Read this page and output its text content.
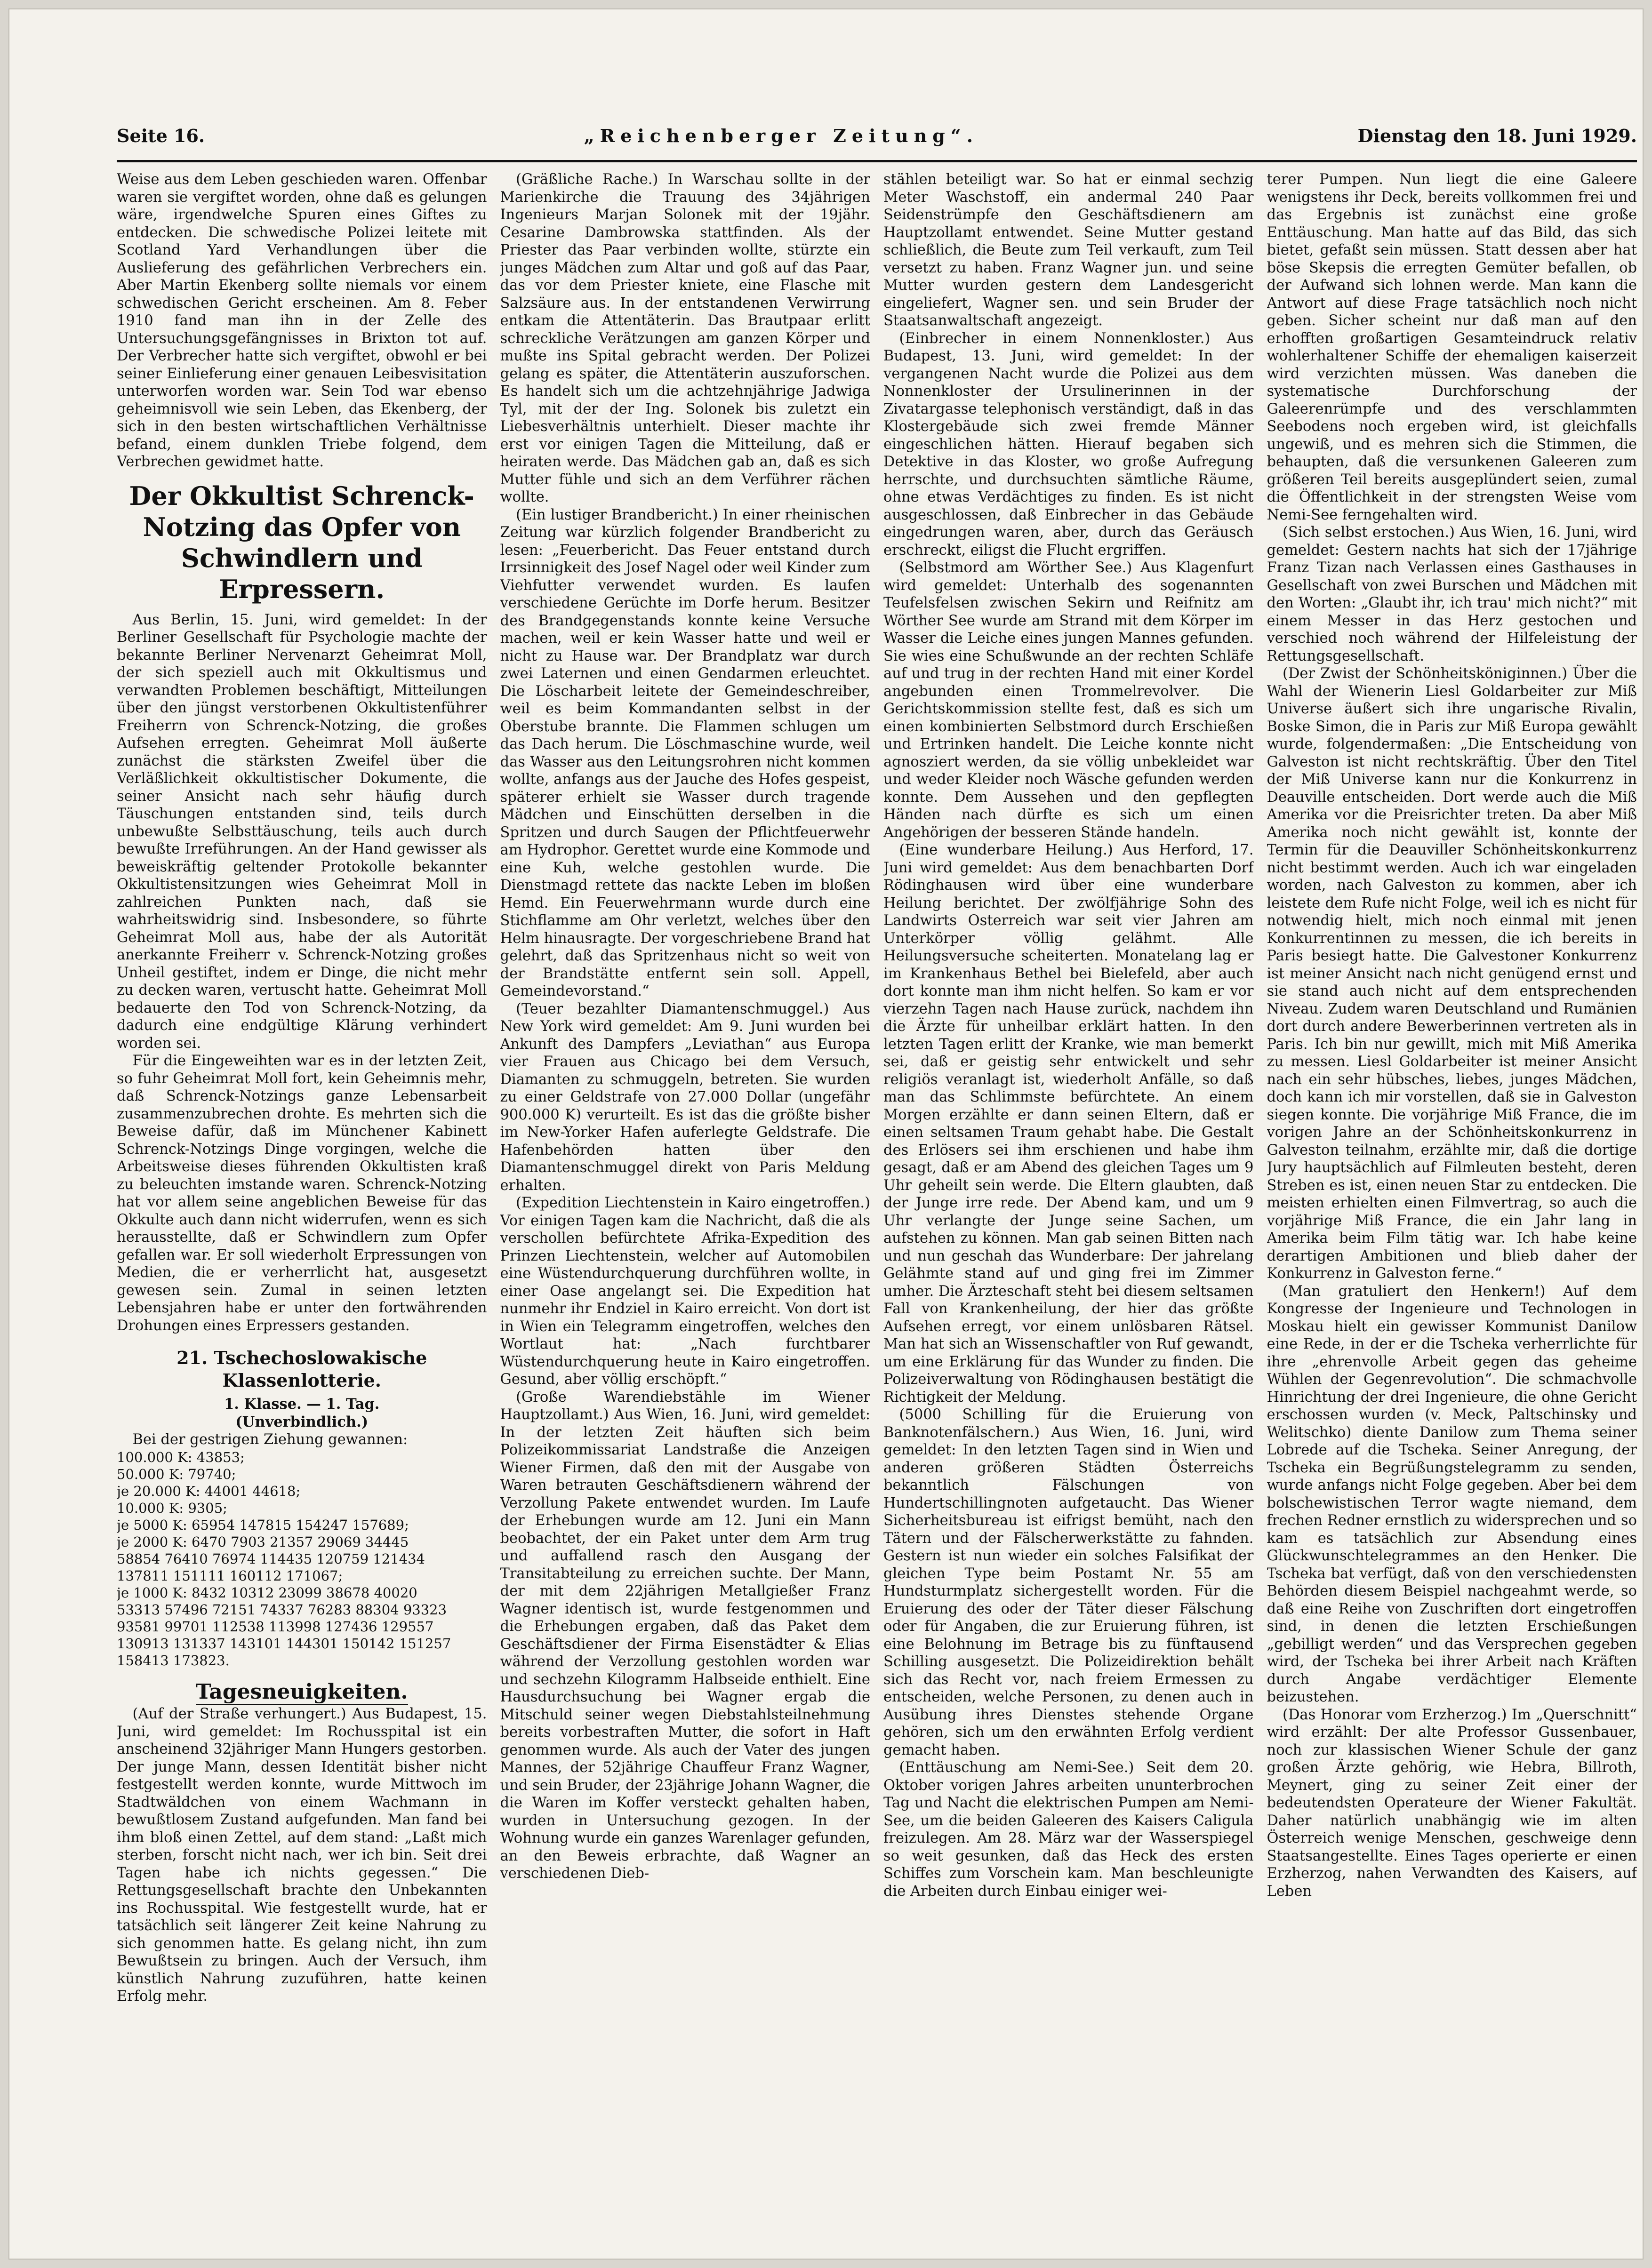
Seite 16.	„Reichenberger Zeitung“.	Dienstag den 18. Juni 1929.

Weise aus dem Leben geschieden waren. Offenbar waren sie vergiftet worden, ohne daß es gelungen wäre, irgendwelche Spuren eines Giftes zu entdecken. Die schwedische Polizei leitete mit Scotland Yard Verhandlungen über die Auslieferung des gefährlichen Verbrechers ein. Aber Martin Ekenberg sollte niemals vor einem schwedischen Gericht erscheinen. Am 8. Feber 1910 fand man ihn in der Zelle des Untersuchungsgefängnisses in Brixton tot auf. Der Verbrecher hatte sich vergiftet, obwohl er bei seiner Einlieferung einer genauen Leibesvisitation unterworfen worden war. Sein Tod war ebenso geheimnisvoll wie sein Leben, das Ekenberg, der sich in den besten wirtschaftlichen Verhältnisse befand, einem dunklen Triebe folgend, dem Verbrechen gewidmet hatte.

Der Okkultist Schrenck-Notzing das Opfer von Schwindlern und Erpressern.

Aus Berlin, 15. Juni, wird gemeldet: In der Berliner Gesellschaft für Psychologie machte der bekannte Berliner Nervenarzt Geheimrat Moll, der sich speziell auch mit Okkultismus und verwandten Problemen beschäftigt, Mitteilungen über den jüngst verstorbenen Okkultistenführer Freiherrn von Schrenck-Notzing, die großes Aufsehen erregten. Geheimrat Moll äußerte zunächst die stärksten Zweifel über die Verläßlichkeit okkultistischer Dokumente, die seiner Ansicht nach sehr häufig durch Täuschungen entstanden sind, teils durch unbewußte Selbsttäuschung, teils auch durch bewußte Irreführungen. An der Hand gewisser als beweiskräftig geltender Protokolle bekannter Okkultistensitzungen wies Geheimrat Moll in zahlreichen Punkten nach, daß sie wahrheitswidrig sind. Insbesondere, so führte Geheimrat Moll aus, habe der als Autorität anerkannte Freiherr v. Schrenck-Notzing großes Unheil gestiftet, indem er Dinge, die nicht mehr zu decken waren, vertuscht hatte. Geheimrat Moll bedauerte den Tod von Schrenck-Notzing, da dadurch eine endgültige Klärung verhindert worden sei.

Für die Eingeweihten war es in der letzten Zeit, so fuhr Geheimrat Moll fort, kein Geheimnis mehr, daß Schrenck-Notzings ganze Lebensarbeit zusammenzubrechen drohte. Es mehrten sich die Beweise dafür, daß im Münchener Kabinett Schrenck-Notzings Dinge vorgingen, welche die Arbeitsweise dieses führenden Okkultisten kraß zu beleuchten imstande waren. Schrenck-Notzing hat vor allem seine angeblichen Beweise für das Okkulte auch dann nicht widerrufen, wenn es sich herausstellte, daß er Schwindlern zum Opfer gefallen war. Er soll wiederholt Erpressungen von Medien, die er verherrlicht hat, ausgesetzt gewesen sein. Zumal in seinen letzten Lebensjahren habe er unter den fortwährenden Drohungen eines Erpressers gestanden.

21. Tschechoslowakische Klassenlotterie.
1. Klasse. — 1. Tag.
(Unverbindlich.)

Bei der gestrigen Ziehung gewannen:

100.000 K: 43853;
50.000 K: 79740;
je 20.000 K: 44001 44618;
10.000 K: 9305;
je 5000 K: 65954 147815 154247 157689;
je 2000 K: 6470 7903 21357 29069 34445
58854 76410 76974 114435 120759 121434
137811 151111 160112 171067;
je 1000 K: 8432 10312 23099 38678 40020
53313 57496 72151 74337 76283 88304 93323
93581 99701 112538 113998 127436 129557
130913 131337 143101 144301 150142 151257
158413 173823.

Tagesneuigkeiten.

(Auf der Straße verhungert.) Aus Budapest, 15. Juni, wird gemeldet: Im Rochusspital ist ein anscheinend 32jähriger Mann Hungers gestorben. Der junge Mann, dessen Identität bisher nicht festgestellt werden konnte, wurde Mittwoch im Stadtwäldchen von einem Wachmann in bewußtlosem Zustand aufgefunden. Man fand bei ihm bloß einen Zettel, auf dem stand: „Laßt mich sterben, forscht nicht nach, wer ich bin. Seit drei Tagen habe ich nichts gegessen.“ Die Rettungsgesellschaft brachte den Unbekannten ins Rochusspital. Wie festgestellt wurde, hat er tatsächlich seit längerer Zeit keine Nahrung zu sich genommen hatte. Es gelang nicht, ihn zum Bewußtsein zu bringen. Auch der Versuch, ihm künstlich Nahrung zuzuführen, hatte keinen Erfolg mehr.

(Gräßliche Rache.) In Warschau sollte in der Marienkirche die Trauung des 34jährigen Ingenieurs Marjan Solonek mit der 19jähr. Cesarine Dambrowska stattfinden. Als der Priester das Paar verbinden wollte, stürzte ein junges Mädchen zum Altar und goß auf das Paar, das vor dem Priester kniete, eine Flasche mit Salzsäure aus. In der entstandenen Verwirrung entkam die Attentäterin. Das Brautpaar erlitt schreckliche Verätzungen am ganzen Körper und mußte ins Spital gebracht werden. Der Polizei gelang es später, die Attentäterin auszuforschen. Es handelt sich um die achtzehnjährige Jadwiga Tyl, mit der der Ing. Solonek bis zuletzt ein Liebesverhältnis unterhielt. Dieser machte ihr erst vor einigen Tagen die Mitteilung, daß er heiraten werde. Das Mädchen gab an, daß es sich Mutter fühle und sich an dem Verführer rächen wollte.

(Ein lustiger Brandbericht.) In einer rheinischen Zeitung war kürzlich folgender Brandbericht zu lesen: „Feuerbericht. Das Feuer entstand durch Irrsinnigkeit des Josef Nagel oder weil Kinder zum Viehfutter verwendet wurden. Es laufen verschiedene Gerüchte im Dorfe herum. Besitzer des Brandgegenstands konnte keine Versuche machen, weil er kein Wasser hatte und weil er nicht zu Hause war. Der Brandplatz war durch zwei Laternen und einen Gendarmen erleuchtet. Die Löscharbeit leitete der Gemeindeschreiber, weil es beim Kommandanten selbst in der Oberstube brannte. Die Flammen schlugen um das Dach herum. Die Löschmaschine wurde, weil das Wasser aus den Leitungsrohren nicht kommen wollte, anfangs aus der Jauche des Hofes gespeist, späterer erhielt sie Wasser durch tragende Mädchen und Einschütten derselben in die Spritzen und durch Saugen der Pflichtfeuerwehr am Hydrophor. Gerettet wurde eine Kommode und eine Kuh, welche gestohlen wurde. Die Dienstmagd rettete das nackte Leben im bloßen Hemd. Ein Feuerwehrmann wurde durch eine Stichflamme am Ohr verletzt, welches über den Helm hinausragte. Der vorgeschriebene Brand hat gelehrt, daß das Spritzenhaus nicht so weit von der Brandstätte entfernt sein soll. Appell, Gemeindevorstand.“

(Teuer bezahlter Diamantenschmuggel.) Aus New York wird gemeldet: Am 9. Juni wurden bei Ankunft des Dampfers „Leviathan“ aus Europa vier Frauen aus Chicago bei dem Versuch, Diamanten zu schmuggeln, betreten. Sie wurden zu einer Geldstrafe von 27.000 Dollar (ungefähr 900.000 K) verurteilt. Es ist das die größte bisher im New-Yorker Hafen auferlegte Geldstrafe. Die Hafenbehörden hatten über den Diamantenschmuggel direkt von Paris Meldung erhalten.

(Expedition Liechtenstein in Kairo eingetroffen.) Vor einigen Tagen kam die Nachricht, daß die als verschollen befürchtete Afrika-Expedition des Prinzen Liechtenstein, welcher auf Automobilen eine Wüstendurchquerung durchführen wollte, in einer Oase angelangt sei. Die Expedition hat nunmehr ihr Endziel in Kairo erreicht. Von dort ist in Wien ein Telegramm eingetroffen, welches den Wortlaut hat: „Nach furchtbarer Wüstendurchquerung heute in Kairo eingetroffen. Gesund, aber völlig erschöpft.“

(Große Warendiebstähle im Wiener Hauptzollamt.) Aus Wien, 16. Juni, wird gemeldet: In der letzten Zeit häuften sich beim Polizeikommissariat Landstraße die Anzeigen Wiener Firmen, daß den mit der Ausgabe von Waren betrauten Geschäftsdienern während der Verzollung Pakete entwendet wurden. Im Laufe der Erhebungen wurde am 12. Juni ein Mann beobachtet, der ein Paket unter dem Arm trug und auffallend rasch den Ausgang der Transitabteilung zu erreichen suchte. Der Mann, der mit dem 22jährigen Metallgießer Franz Wagner identisch ist, wurde festgenommen und die Erhebungen ergaben, daß das Paket dem Geschäftsdiener der Firma Eisenstädter & Elias während der Verzollung gestohlen worden war und sechzehn Kilogramm Halbseide enthielt. Eine Hausdurchsuchung bei Wagner ergab die Mitschuld seiner wegen Diebstahlsteilnehmung bereits vorbestraften Mutter, die sofort in Haft genommen wurde. Als auch der Vater des jungen Mannes, der 52jährige Chauffeur Franz Wagner, und sein Bruder, der 23jährige Johann Wagner, die die Waren im Koffer versteckt gehalten haben, wurden in Untersuchung gezogen. In der Wohnung wurde ein ganzes Warenlager gefunden, an den Beweis erbrachte, daß Wagner an verschiedenen Dieb-

stählen beteiligt war. So hat er einmal sechzig Meter Waschstoff, ein andermal 240 Paar Seidenstrümpfe den Geschäftsdienern am Hauptzollamt entwendet. Seine Mutter gestand schließlich, die Beute zum Teil verkauft, zum Teil versetzt zu haben. Franz Wagner jun. und seine Mutter wurden gestern dem Landesgericht eingeliefert, Wagner sen. und sein Bruder der Staatsanwaltschaft angezeigt.

(Einbrecher in einem Nonnenkloster.) Aus Budapest, 13. Juni, wird gemeldet: In der vergangenen Nacht wurde die Polizei aus dem Nonnenkloster der Ursulinerinnen in der Zivatargasse telephonisch verständigt, daß in das Klostergebäude sich zwei fremde Männer eingeschlichen hätten. Hierauf begaben sich Detektive in das Kloster, wo große Aufregung herrschte, und durchsuchten sämtliche Räume, ohne etwas Verdächtiges zu finden. Es ist nicht ausgeschlossen, daß Einbrecher in das Gebäude eingedrungen waren, aber, durch das Geräusch erschreckt, eiligst die Flucht ergriffen.

(Selbstmord am Wörther See.) Aus Klagenfurt wird gemeldet: Unterhalb des sogenannten Teufelsfelsen zwischen Sekirn und Reifnitz am Wörther See wurde am Strand mit dem Körper im Wasser die Leiche eines jungen Mannes gefunden. Sie wies eine Schußwunde an der rechten Schläfe auf und trug in der rechten Hand mit einer Kordel angebunden einen Trommelrevolver. Die Gerichtskommission stellte fest, daß es sich um einen kombinierten Selbstmord durch Erschießen und Ertrinken handelt. Die Leiche konnte nicht agnosziert werden, da sie völlig unbekleidet war und weder Kleider noch Wäsche gefunden werden konnte. Dem Aussehen und den gepflegten Händen nach dürfte es sich um einen Angehörigen der besseren Stände handeln.

(Eine wunderbare Heilung.) Aus Herford, 17. Juni wird gemeldet: Aus dem benachbarten Dorf Rödinghausen wird über eine wunderbare Heilung berichtet. Der zwölfjährige Sohn des Landwirts Osterreich war seit vier Jahren am Unterkörper völlig gelähmt. Alle Heilungsversuche scheiterten. Monatelang lag er im Krankenhaus Bethel bei Bielefeld, aber auch dort konnte man ihm nicht helfen. So kam er vor vierzehn Tagen nach Hause zurück, nachdem ihn die Ärzte für unheilbar erklärt hatten. In den letzten Tagen erlitt der Kranke, wie man bemerkt sei, daß er geistig sehr entwickelt und sehr religiös veranlagt ist, wiederholt Anfälle, so daß man das Schlimmste befürchtete. An einem Morgen erzählte er dann seinen Eltern, daß er einen seltsamen Traum gehabt habe. Die Gestalt des Erlösers sei ihm erschienen und habe ihm gesagt, daß er am Abend des gleichen Tages um 9 Uhr geheilt sein werde. Die Eltern glaubten, daß der Junge irre rede. Der Abend kam, und um 9 Uhr verlangte der Junge seine Sachen, um aufstehen zu können. Man gab seinen Bitten nach und nun geschah das Wunderbare: Der jahrelang Gelähmte stand auf und ging frei im Zimmer umher. Die Ärzteschaft steht bei diesem seltsamen Fall von Krankenheilung, der hier das größte Aufsehen erregt, vor einem unlösbaren Rätsel. Man hat sich an Wissenschaftler von Ruf gewandt, um eine Erklärung für das Wunder zu finden. Die Polizeiverwaltung von Rödinghausen bestätigt die Richtigkeit der Meldung.

(5000 Schilling für die Eruierung von Banknotenfälschern.) Aus Wien, 16. Juni, wird gemeldet: In den letzten Tagen sind in Wien und anderen größeren Städten Österreichs bekanntlich Fälschungen von Hundertschillingnoten aufgetaucht. Das Wiener Sicherheitsbureau ist eifrigst bemüht, nach den Tätern und der Fälscherwerkstätte zu fahnden. Gestern ist nun wieder ein solches Falsifikat der gleichen Type beim Postamt Nr. 55 am Hundsturmplatz sichergestellt worden. Für die Eruierung des oder der Täter dieser Fälschung oder für Angaben, die zur Eruierung führen, ist eine Belohnung im Betrage bis zu fünftausend Schilling ausgesetzt. Die Polizeidirektion behält sich das Recht vor, nach freiem Ermessen zu entscheiden, welche Personen, zu denen auch in Ausübung ihres Dienstes stehende Organe gehören, sich um den erwähnten Erfolg verdient gemacht haben.

(Enttäuschung am Nemi-See.) Seit dem 20. Oktober vorigen Jahres arbeiten ununterbrochen Tag und Nacht die elektrischen Pumpen am Nemi-See, um die beiden Galeeren des Kaisers Caligula freizulegen. Am 28. März war der Wasserspiegel so weit gesunken, daß das Heck des ersten Schiffes zum Vorschein kam. Man beschleunigte die Arbeiten durch Einbau einiger wei-

terer Pumpen. Nun liegt die eine Galeere wenigstens ihr Deck, bereits vollkommen frei und das Ergebnis ist zunächst eine große Enttäuschung. Man hatte auf das Bild, das sich bietet, gefaßt sein müssen. Statt dessen aber hat böse Skepsis die erregten Gemüter befallen, ob der Aufwand sich lohnen werde. Man kann die Antwort auf diese Frage tatsächlich noch nicht geben. Sicher scheint nur daß man auf den erhofften großartigen Gesamteindruck relativ wohlerhaltener Schiffe der ehemaligen kaiserzeit wird verzichten müssen. Was daneben die systematische Durchforschung der Galeerenrümpfe und des verschlammten Seebodens noch ergeben wird, ist gleichfalls ungewiß, und es mehren sich die Stimmen, die behaupten, daß die versunkenen Galeeren zum größeren Teil bereits ausgeplündert seien, zumal die Öffentlichkeit in der strengsten Weise vom Nemi-See ferngehalten wird.

(Sich selbst erstochen.) Aus Wien, 16. Juni, wird gemeldet: Gestern nachts hat sich der 17jährige Franz Tizan nach Verlassen eines Gasthauses in Gesellschaft von zwei Burschen und Mädchen mit den Worten: „Glaubt ihr, ich trau' mich nicht?“ mit einem Messer in das Herz gestochen und verschied noch während der Hilfeleistung der Rettungsgesellschaft.

(Der Zwist der Schönheitsköniginnen.) Über die Wahl der Wienerin Liesl Goldarbeiter zur Miß Universe äußert sich ihre ungarische Rivalin, Boske Simon, die in Paris zur Miß Europa gewählt wurde, folgendermaßen: „Die Entscheidung von Galveston ist nicht rechtskräftig. Über den Titel der Miß Universe kann nur die Konkurrenz in Deauville entscheiden. Dort werde auch die Miß Amerika vor die Preisrichter treten. Da aber Miß Amerika noch nicht gewählt ist, konnte der Termin für die Deauviller Schönheitskonkurrenz nicht bestimmt werden. Auch ich war eingeladen worden, nach Galveston zu kommen, aber ich leistete dem Rufe nicht Folge, weil ich es nicht für notwendig hielt, mich noch einmal mit jenen Konkurrentinnen zu messen, die ich bereits in Paris besiegt hatte. Die Galvestoner Konkurrenz ist meiner Ansicht nach nicht genügend ernst und sie stand auch nicht auf dem entsprechenden Niveau. Zudem waren Deutschland und Rumänien dort durch andere Bewerberinnen vertreten als in Paris. Ich bin nur gewillt, mich mit Miß Amerika zu messen. Liesl Goldarbeiter ist meiner Ansicht nach ein sehr hübsches, liebes, junges Mädchen, doch kann ich mir vorstellen, daß sie in Galveston siegen konnte. Die vorjährige Miß France, die im vorigen Jahre an der Schönheitskonkurrenz in Galveston teilnahm, erzählte mir, daß die dortige Jury hauptsächlich auf Filmleuten besteht, deren Streben es ist, einen neuen Star zu entdecken. Die meisten erhielten einen Filmvertrag, so auch die vorjährige Miß France, die ein Jahr lang in Amerika beim Film tätig war. Ich habe keine derartigen Ambitionen und blieb daher der Konkurrenz in Galveston ferne.“

(Man gratuliert den Henkern!) Auf dem Kongresse der Ingenieure und Technologen in Moskau hielt ein gewisser Kommunist Danilow eine Rede, in der er die Tscheka verherrlichte für ihre „ehrenvolle Arbeit gegen das geheime Wühlen der Gegenrevolution“. Die schmachvolle Hinrichtung der drei Ingenieure, die ohne Gericht erschossen wurden (v. Meck, Paltschinsky und Welitschko) diente Danilow zum Thema seiner Lobrede auf die Tscheka. Seiner Anregung, der Tscheka ein Begrüßungstelegramm zu senden, wurde anfangs nicht Folge gegeben. Aber bei dem bolschewistischen Terror wagte niemand, dem frechen Redner ernstlich zu widersprechen und so kam es tatsächlich zur Absendung eines Glückwunschtelegrammes an den Henker. Die Tscheka bat verfügt, daß von den verschiedensten Behörden diesem Beispiel nachgeahmt werde, so daß eine Reihe von Zuschriften dort eingetroffen sind, in denen die letzten Erschießungen „gebilligt werden“ und das Versprechen gegeben wird, der Tscheka bei ihrer Arbeit nach Kräften durch Angabe verdächtiger Elemente beizustehen.

(Das Honorar vom Erzherzog.) Im „Querschnitt“ wird erzählt: Der alte Professor Gussenbauer, noch zur klassischen Wiener Schule der ganz großen Ärzte gehörig, wie Hebra, Billroth, Meynert, ging zu seiner Zeit einer der bedeutendsten Operateure der Wiener Fakultät. Daher natürlich unabhängig wie im alten Österreich wenige Menschen, geschweige denn Staatsangestellte. Eines Tages operierte er einen Erzherzog, nahen Verwandten des Kaisers, auf Leben
